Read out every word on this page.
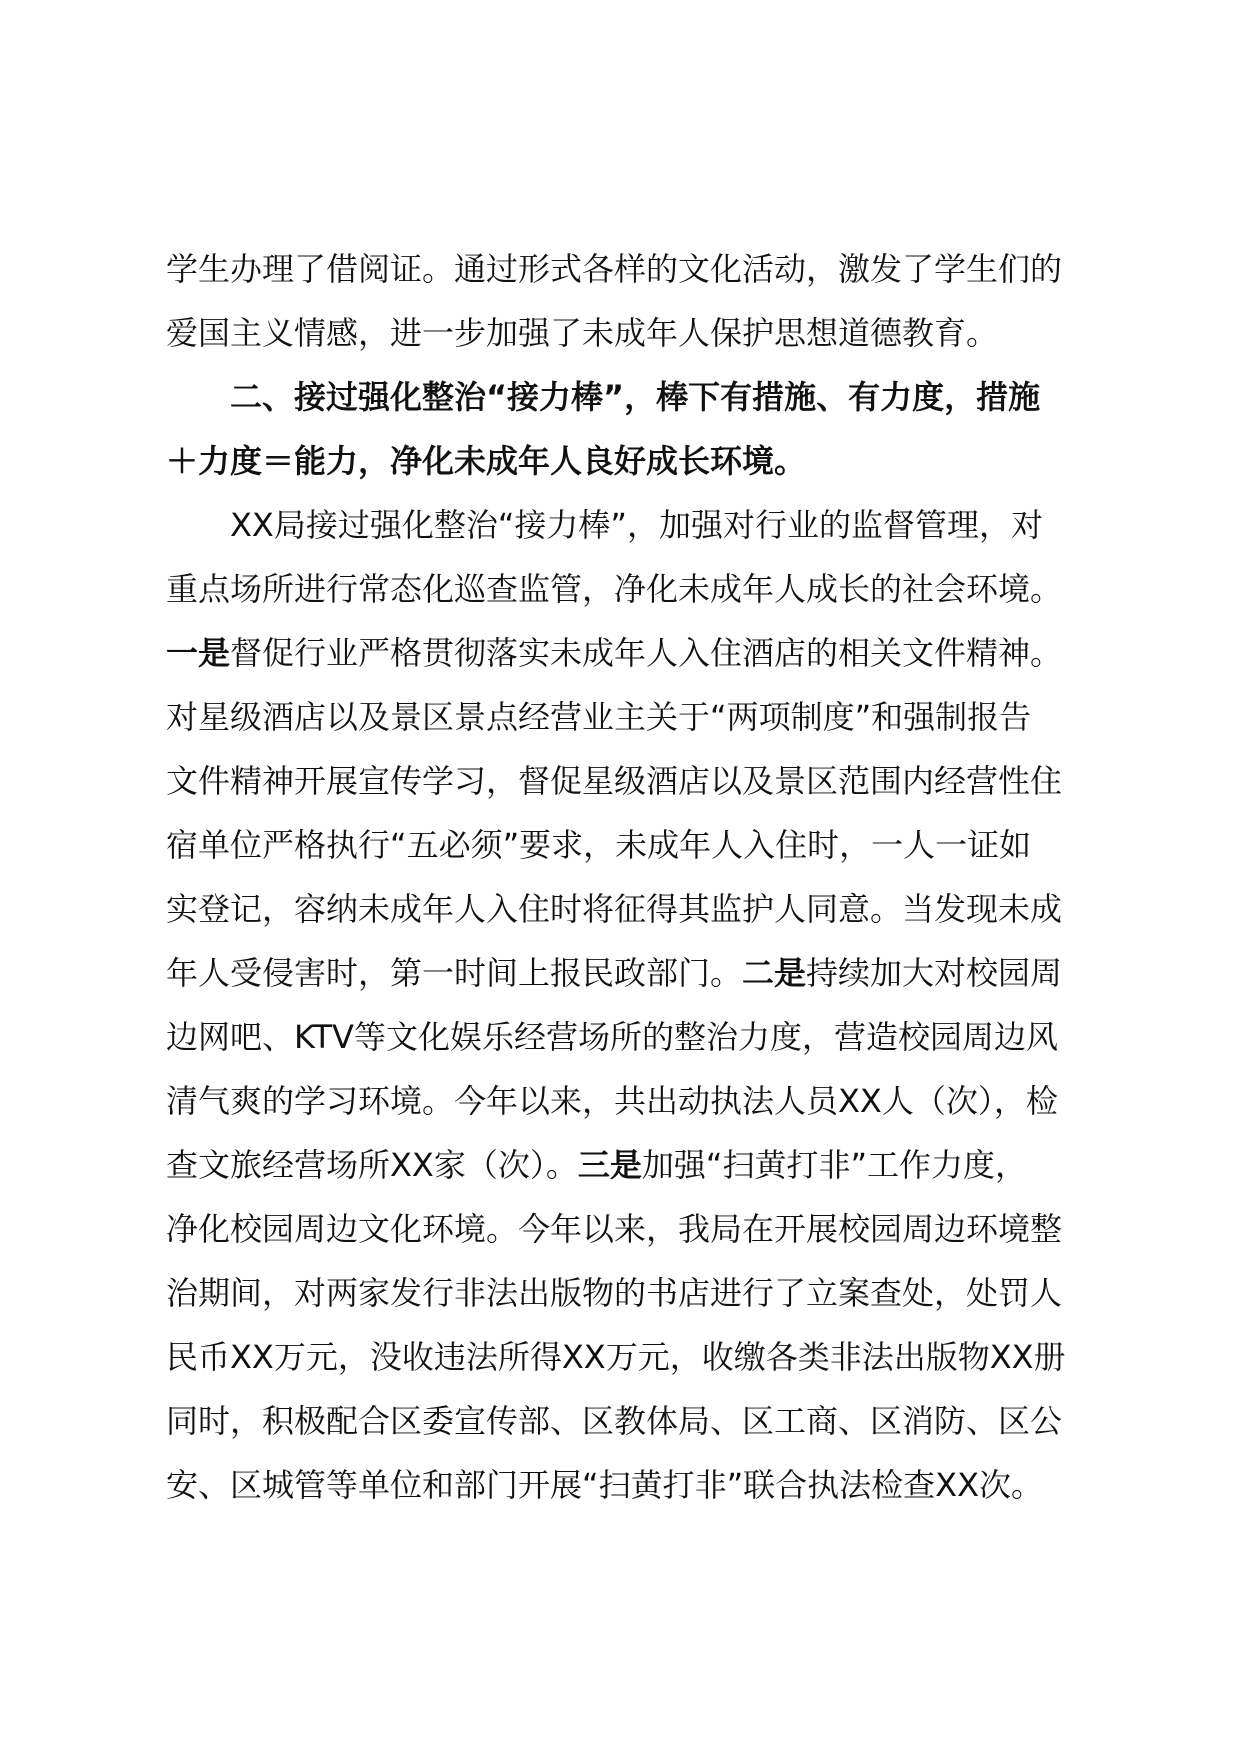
学生办理了借阅证。通过形式各样的文化活动，激发了学生们的
爱国主义情感，进一步加强了未成年人保护思想道德教育。
二、接过强化整治“接力棒”，棒下有措施、有力度，措施
＋力度＝能力，净化未成年人良好成长环境。
XX局接过强化整治“接力棒”，加强对行业的监督管理，对
重点场所进行常态化巡查监管，净化未成年人成长的社会环境。
一是督促行业严格贯彻落实未成年人入住酒店的相关文件精神。
对星级酒店以及景区景点经营业主关于“两项制度”和强制报告
文件精神开展宣传学习，督促星级酒店以及景区范围内经营性住
宿单位严格执行“五必须”要求，未成年人入住时，一人一证如
实登记，容纳未成年人入住时将征得其监护人同意。当发现未成
年人受侵害时，第一时间上报民政部门。二是持续加大对校园周
边网吧、KTV等文化娱乐经营场所的整治力度，营造校园周边风
清气爽的学习环境。今年以来，共出动执法人员XX人（次），检
查文旅经营场所XX家（次）。三是加强“扫黄打非”工作力度，
净化校园周边文化环境。今年以来，我局在开展校园周边环境整
治期间，对两家发行非法出版物的书店进行了立案查处，处罚人
民币XX万元，没收违法所得XX万元，收缴各类非法出版物XX册
同时，积极配合区委宣传部、区教体局、区工商、区消防、区公
安、区城管等单位和部门开展“扫黄打非”联合执法检查XX次。
